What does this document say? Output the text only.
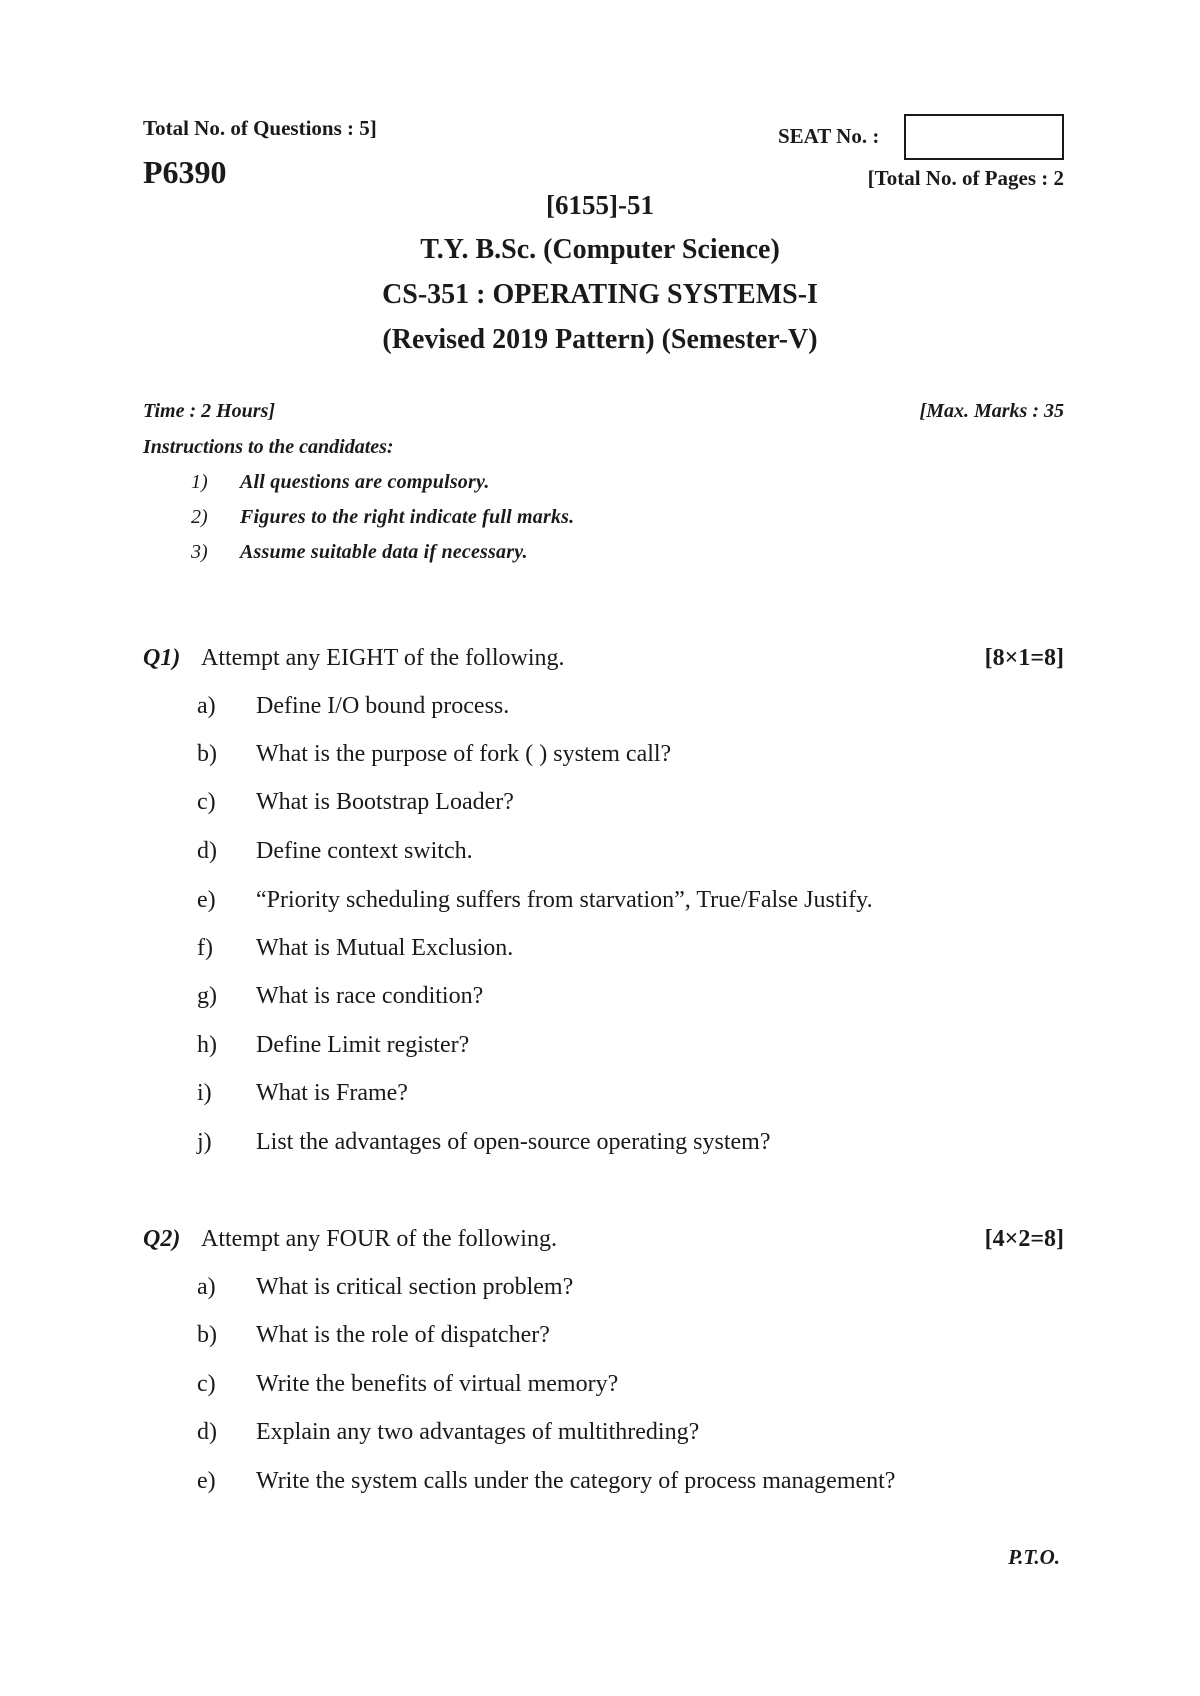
Total No. of Questions : 5]
P6390
SEAT No. :
[Total No. of Pages : 2
[6155]-51
T.Y. B.Sc. (Computer Science)
CS-351 : OPERATING SYSTEMS-I
(Revised 2019 Pattern) (Semester-V)
Time : 2 Hours]	[Max. Marks : 35
Instructions to the candidates:
1) All questions are compulsory.
2) Figures to the right indicate full marks.
3) Assume suitable data if necessary.
Q1) Attempt any EIGHT of the following.	[8×1=8]
a)	Define I/O bound process.
b)	What is the purpose of fork ( ) system call?
c)	What is Bootstrap Loader?
d)	Define context switch.
e)	“Priority scheduling suffers from starvation”, True/False Justify.
f)	What is Mutual Exclusion.
g)	What is race condition?
h)	Define Limit register?
i)	What is Frame?
j)	List the advantages of open-source operating system?
Q2) Attempt any FOUR of the following.	[4×2=8]
a)	What is critical section problem?
b)	What is the role of dispatcher?
c)	Write the benefits of virtual memory?
d)	Explain any two advantages of multithreding?
e)	Write the system calls under the category of process management?
P.T.O.
